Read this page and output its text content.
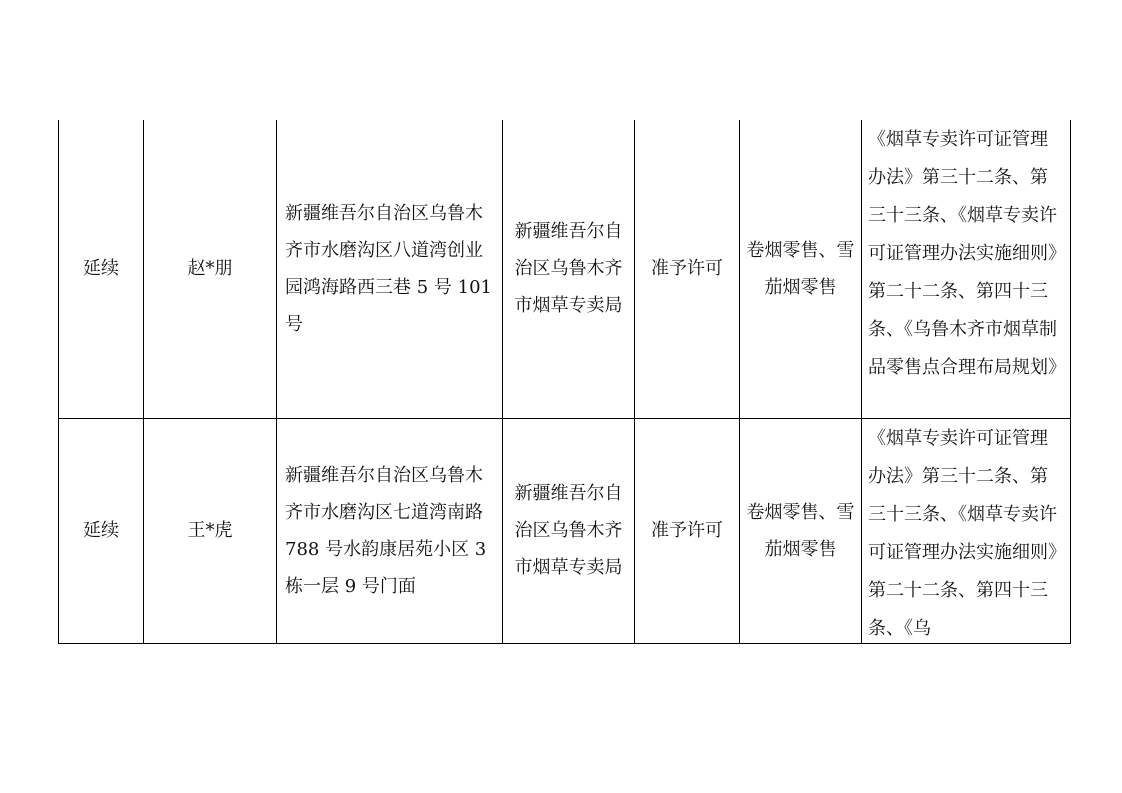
延续	赵*朋	新疆维吾尔自治区乌鲁木齐市水磨沟区八道湾创业园鸿海路西三巷 5 号 101 号	新疆维吾尔自治区乌鲁木齐市烟草专卖局	准予许可	卷烟零售、雪茄烟零售	《烟草专卖许可证管理办法》第三十二条、第三十三条、《烟草专卖许可证管理办法实施细则》第二十二条、第四十三条、《乌鲁木齐市烟草制品零售点合理布局规划》

延续	王*虎	新疆维吾尔自治区乌鲁木齐市水磨沟区七道湾南路 788 号水韵康居苑小区 3 栋一层 9 号门面	新疆维吾尔自治区乌鲁木齐市烟草专卖局	准予许可	卷烟零售、雪茄烟零售	《烟草专卖许可证管理办法》第三十二条、第三十三条、《烟草专卖许可证管理办法实施细则》第二十二条、第四十三条、《乌
